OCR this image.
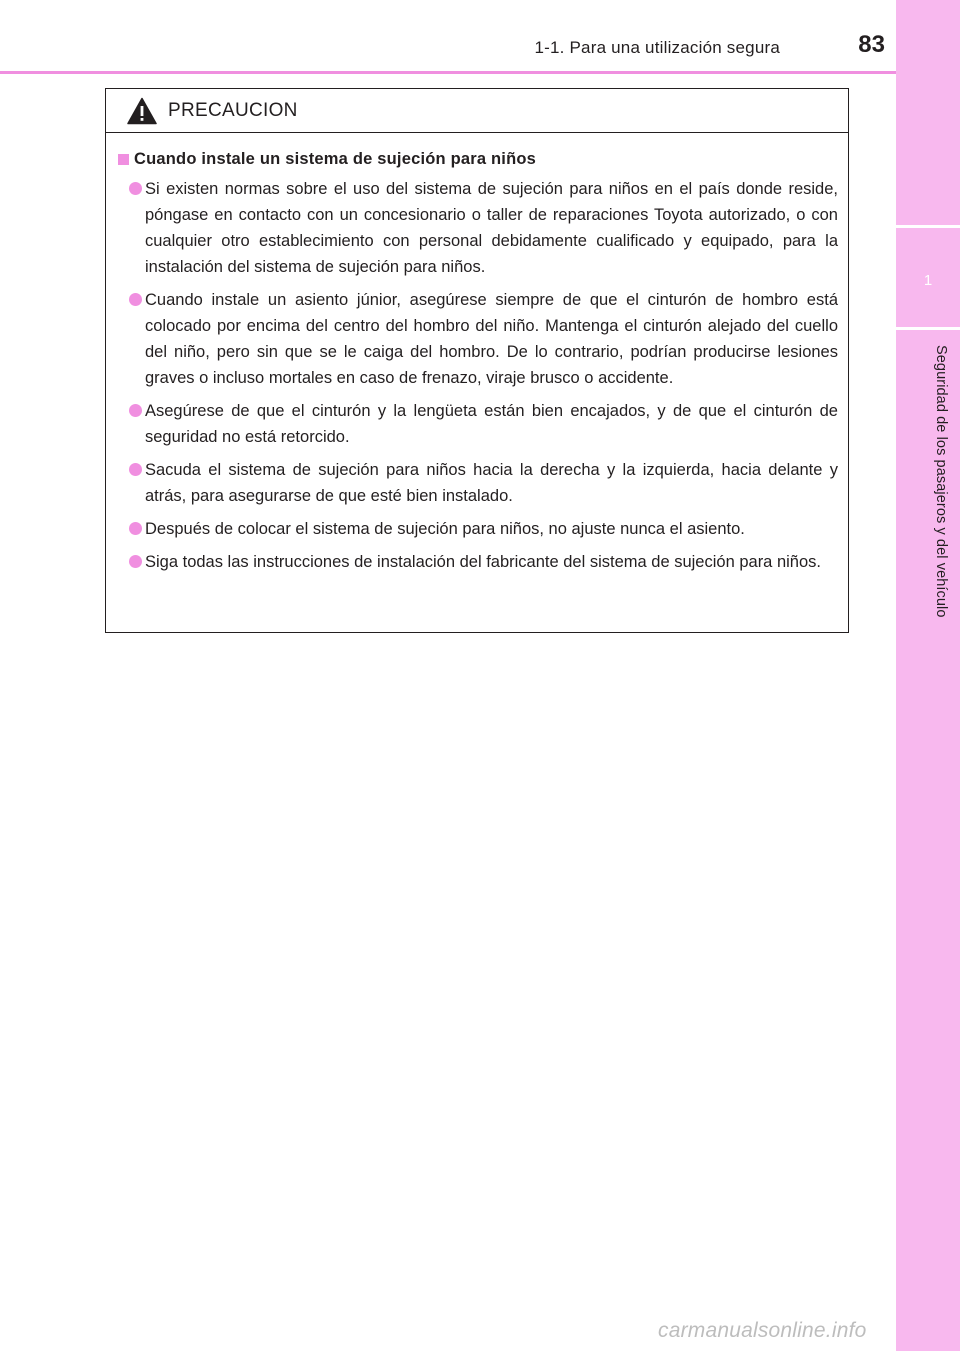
1-1. Para una utilización segura	83
1
Seguridad de los pasajeros y del vehículo
PRECAUCION
Cuando instale un sistema de sujeción para niños
Si existen normas sobre el uso del sistema de sujeción para niños en el país donde reside, póngase en contacto con un concesionario o taller de reparaciones Toyota autorizado, o con cualquier otro establecimiento con personal debidamente cualificado y equipado, para la instalación del sistema de sujeción para niños.
Cuando instale un asiento júnior, asegúrese siempre de que el cinturón de hombro está colocado por encima del centro del hombro del niño. Mantenga el cinturón alejado del cuello del niño, pero sin que se le caiga del hombro. De lo contrario, podrían producirse lesiones graves o incluso mortales en caso de frenazo, viraje brusco o accidente.
Asegúrese de que el cinturón y la lengüeta están bien encajados, y de que el cinturón de seguridad no está retorcido.
Sacuda el sistema de sujeción para niños hacia la derecha y la izquierda, hacia delante y atrás, para asegurarse de que esté bien instalado.
Después de colocar el sistema de sujeción para niños, no ajuste nunca el asiento.
Siga todas las instrucciones de instalación del fabricante del sistema de sujeción para niños.
carmanualsonline.info
